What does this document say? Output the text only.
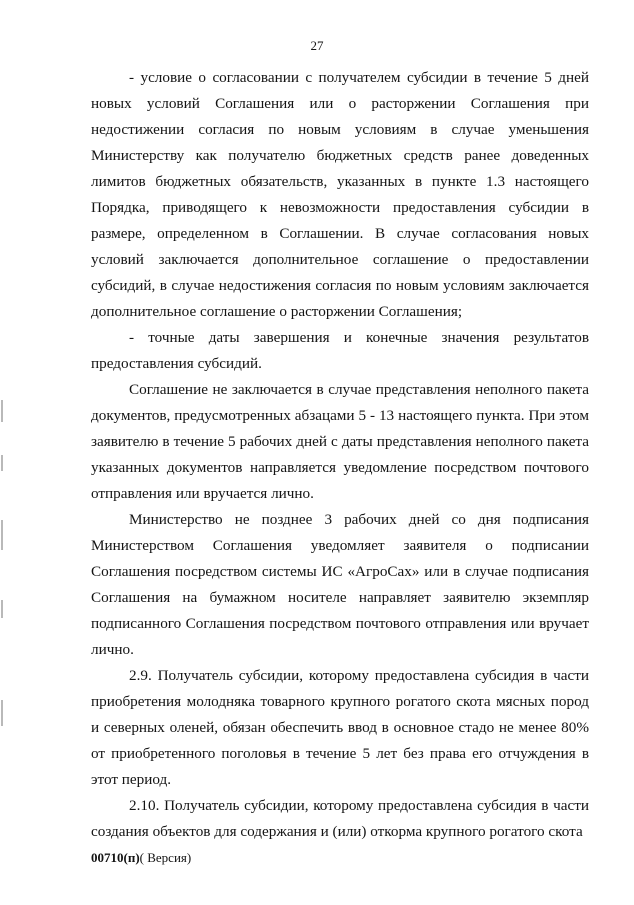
27

- условие о согласовании с получателем субсидии в течение 5 дней новых условий Соглашения или о расторжении Соглашения при недостижении согласия по новым условиям в случае уменьшения Министерству как получателю бюджетных средств ранее доведенных лимитов бюджетных обязательств, указанных в пункте 1.3 настоящего Порядка, приводящего к невозможности предоставления субсидии в размере, определенном в Соглашении. В случае согласования новых условий заключается дополнительное соглашение о предоставлении субсидий, в случае недостижения согласия по новым условиям заключается дополнительное соглашение о расторжении Соглашения;

- точные даты завершения и конечные значения результатов предоставления субсидий.

Соглашение не заключается в случае представления неполного пакета документов, предусмотренных абзацами 5 - 13 настоящего пункта. При этом заявителю в течение 5 рабочих дней с даты представления неполного пакета указанных документов направляется уведомление посредством почтового отправления или вручается лично.

Министерство не позднее 3 рабочих дней со дня подписания Министерством Соглашения уведомляет заявителя о подписании Соглашения посредством системы ИС «АгроСах» или в случае подписания Соглашения на бумажном носителе направляет заявителю экземпляр подписанного Соглашения посредством почтового отправления или вручает лично.

2.9. Получатель субсидии, которому предоставлена субсидия в части приобретения молодняка товарного крупного рогатого скота мясных пород и северных оленей, обязан обеспечить ввод в основное стадо не менее 80% от приобретенного поголовья в течение 5 лет без права его отчуждения в этот период.

2.10. Получатель субсидии, которому предоставлена субсидия в части создания объектов для содержания и (или) откорма крупного рогатого скота

00710(п)( Версия)
